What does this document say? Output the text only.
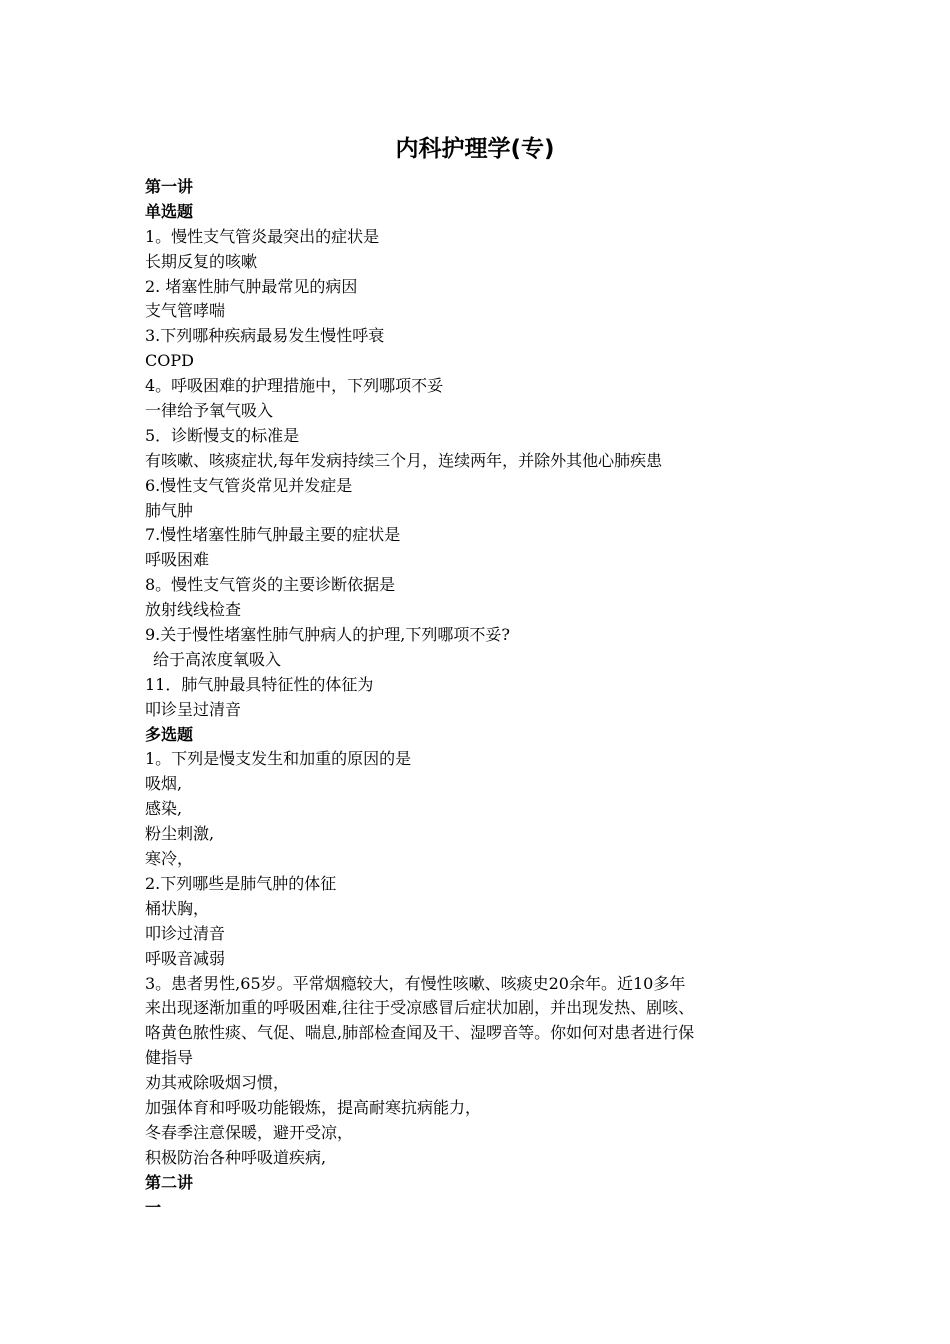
内科护理学(专)
第一讲
单选题
1。慢性支气管炎最突出的症状是
长期反复的咳嗽
2. 堵塞性肺气肿最常见的病因
支气管哮喘
3.下列哪种疾病最易发生慢性呼衰
COPD
4。呼吸困难的护理措施中，下列哪项不妥
一律给予氧气吸入
5．诊断慢支的标准是
有咳嗽、咳痰症状,每年发病持续三个月，连续两年，并除外其他心肺疾患
6.慢性支气管炎常见并发症是
肺气肿
7.慢性堵塞性肺气肿最主要的症状是
呼吸困难
8。慢性支气管炎的主要诊断依据是
放射线线检查
9.关于慢性堵塞性肺气肿病人的护理,下列哪项不妥?
给于高浓度氧吸入
11．肺气肿最具特征性的体征为
叩诊呈过清音
多选题
1。下列是慢支发生和加重的原因的是
吸烟,
感染,
粉尘刺激,
寒冷，
2.下列哪些是肺气肿的体征
桶状胸，
叩诊过清音
呼吸音减弱
3。患者男性,65岁。平常烟瘾较大，有慢性咳嗽、咳痰史20余年。近10多年
来出现逐渐加重的呼吸困难,往往于受凉感冒后症状加剧，并出现发热、剧咳、
咯黄色脓性痰、气促、喘息,肺部检查闻及干、湿啰音等。你如何对患者进行保
健指导
劝其戒除吸烟习惯，
加强体育和呼吸功能锻炼，提高耐寒抗病能力，
冬春季注意保暖，避开受凉，
积极防治各种呼吸道疾病,
第二讲
一
